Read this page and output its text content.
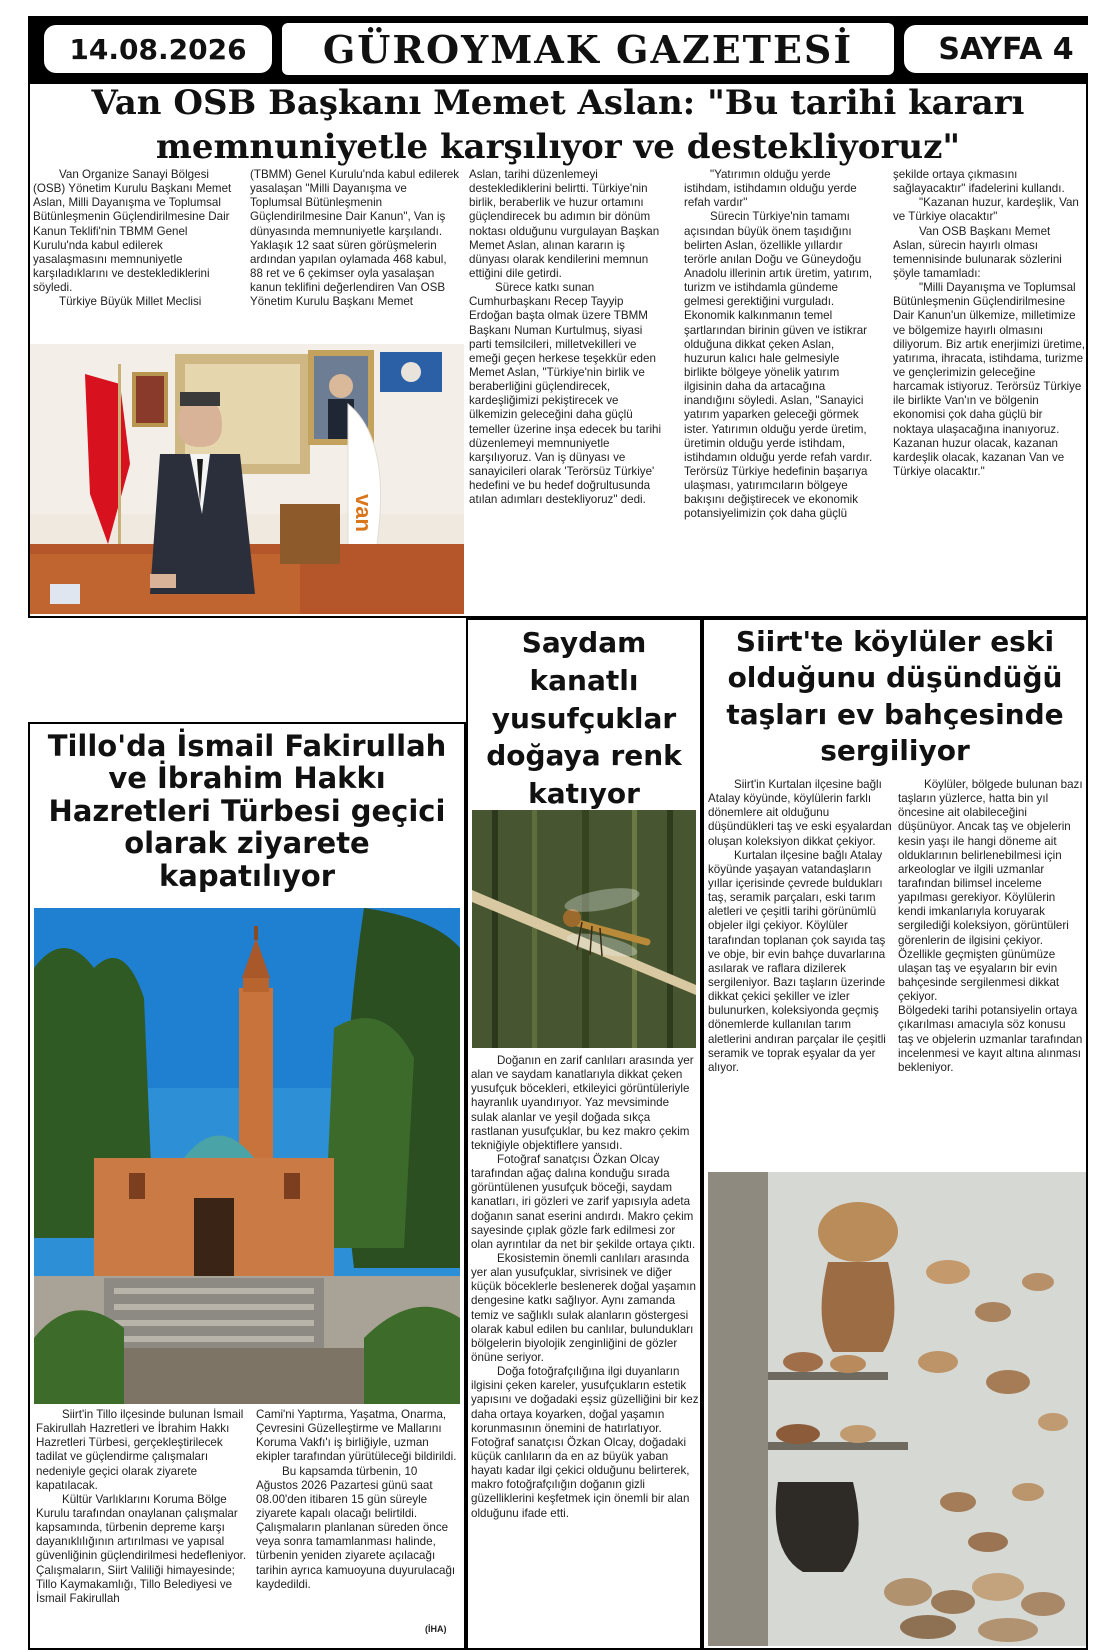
14.08.2026	GÜROYMAK GAZETESİ	SAYFA 4
Van OSB Başkanı Memet Aslan: "Bu tarihi kararı memnuniyetle karşılıyor ve destekliyoruz"

Van Organize Sanayi Bölgesi (OSB) Yönetim Kurulu Başkanı Memet Aslan, Milli Dayanışma ve Toplumsal Bütünleşmenin Güçlendirilmesine Dair Kanun Teklifi'nin TBMM Genel Kurulu'nda kabul edilerek yasalaşmasını memnuniyetle karşıladıklarını ve desteklediklerini söyledi.

Türkiye Büyük Millet Meclisi

(TBMM) Genel Kurulu'nda kabul edilerek yasalaşan "Milli Dayanışma ve Toplumsal Bütünleşmenin Güçlendirilmesine Dair Kanun", Van iş dünyasında memnuniyetle karşılandı. Yaklaşık 12 saat süren görüşmelerin ardından yapılan oylamada 468 kabul, 88 ret ve 6 çekimser oyla yasalaşan kanun teklifini değerlendiren Van OSB Yönetim Kurulu Başkanı Memet

van

Aslan, tarihi düzenlemeyi desteklediklerini belirtti. Türkiye'nin birlik, beraberlik ve huzur ortamını güçlendirecek bu adımın bir dönüm noktası olduğunu vurgulayan Başkan Memet Aslan, alınan kararın iş dünyası olarak kendilerini memnun ettiğini dile getirdi.

Sürece katkı sunan Cumhurbaşkanı Recep Tayyip Erdoğan başta olmak üzere TBMM Başkanı Numan Kurtulmuş, siyasi parti temsilcileri, milletvekilleri ve emeği geçen herkese teşekkür eden Memet Aslan, "Türkiye'nin birlik ve beraberliğini güçlendirecek, kardeşliğimizi pekiştirecek ve ülkemizin geleceğini daha güçlü temeller üzerine inşa edecek bu tarihi düzenlemeyi memnuniyetle karşılıyoruz. Van iş dünyası ve sanayicileri olarak 'Terörsüz Türkiye' hedefini ve bu hedef doğrultusunda atılan adımları destekliyoruz" dedi.

"Yatırımın olduğu yerde istihdam, istihdamın olduğu yerde refah vardır"

Sürecin Türkiye'nin tamamı açısından büyük önem taşıdığını belirten Aslan, özellikle yıllardır terörle anılan Doğu ve Güneydoğu Anadolu illerinin artık üretim, yatırım, turizm ve istihdamla gündeme gelmesi gerektiğini vurguladı. Ekonomik kalkınmanın temel şartlarından birinin güven ve istikrar olduğuna dikkat çeken Aslan, huzurun kalıcı hale gelmesiyle birlikte bölgeye yönelik yatırım ilgisinin daha da artacağına inandığını söyledi. Aslan, "Sanayici yatırım yaparken geleceği görmek ister. Yatırımın olduğu yerde üretim, üretimin olduğu yerde istihdam, istihdamın olduğu yerde refah vardır. Terörsüz Türkiye hedefinin başarıya ulaşması, yatırımcıların bölgeye bakışını değiştirecek ve ekonomik potansiyelimizin çok daha güçlü

şekilde ortaya çıkmasını sağlayacaktır" ifadelerini kullandı.

"Kazanan huzur, kardeşlik, Van ve Türkiye olacaktır"

Van OSB Başkanı Memet Aslan, sürecin hayırlı olması temennisinde bulunarak sözlerini şöyle tamamladı:

"Milli Dayanışma ve Toplumsal Bütünleşmenin Güçlendirilmesine Dair Kanun'un ülkemize, milletimize ve bölgemize hayırlı olmasını diliyorum. Biz artık enerjimizi üretime, yatırıma, ihracata, istihdama, turizme ve gençlerimizin geleceğine harcamak istiyoruz. Terörsüz Türkiye ile birlikte Van'ın ve bölgenin ekonomisi çok daha güçlü bir noktaya ulaşacağına inanıyoruz. Kazanan huzur olacak, kazanan kardeşlik olacak, kazanan Van ve Türkiye olacaktır."

Tillo'da İsmail Fakirullah ve İbrahim Hakkı Hazretleri Türbesi geçici olarak ziyarete kapatılıyor

Siirt'in Tillo ilçesinde bulunan İsmail Fakirullah Hazretleri ve İbrahim Hakkı Hazretleri Türbesi, gerçekleştirilecek tadilat ve güçlendirme çalışmaları nedeniyle geçici olarak ziyarete kapatılacak.

Kültür Varlıklarını Koruma Bölge Kurulu tarafından onaylanan çalışmalar kapsamında, türbenin depreme karşı dayanıklılığının artırılması ve yapısal güvenliğinin güçlendirilmesi hedefleniyor. Çalışmaların, Siirt Valiliği himayesinde; Tillo Kaymakamlığı, Tillo Belediyesi ve İsmail Fakirullah

Cami'ni Yaptırma, Yaşatma, Onarma, Çevresini Güzelleştirme ve Mallarını Koruma Vakfı'ı iş birliğiyle, uzman ekipler tarafından yürütüleceği bildirildi.

Bu kapsamda türbenin, 10 Ağustos 2026 Pazartesi günü saat 08.00'den itibaren 15 gün süreyle ziyarete kapalı olacağı belirtildi. Çalışmaların planlanan süreden önce veya sonra tamamlanması halinde, türbenin yeniden ziyarete açılacağı tarihin ayrıca kamuoyuna duyurulacağı kaydedildi.

(İHA)
Saydam kanatlı yusufçuklar doğaya renk katıyor

Doğanın en zarif canlıları arasında yer alan ve saydam kanatlarıyla dikkat çeken yusufçuk böcekleri, etkileyici görüntüleriyle hayranlık uyandırıyor. Yaz mevsiminde sulak alanlar ve yeşil doğada sıkça rastlanan yusufçuklar, bu kez makro çekim tekniğiyle objektiflere yansıdı.

Fotoğraf sanatçısı Özkan Olcay tarafından ağaç dalına konduğu sırada görüntülenen yusufçuk böceği, saydam kanatları, iri gözleri ve zarif yapısıyla adeta doğanın sanat eserini andırdı. Makro çekim sayesinde çıplak gözle fark edilmesi zor olan ayrıntılar da net bir şekilde ortaya çıktı.

Ekosistemin önemli canlıları arasında yer alan yusufçuklar, sivrisinek ve diğer küçük böceklerle beslenerek doğal yaşamın dengesine katkı sağlıyor. Aynı zamanda temiz ve sağlıklı sulak alanların göstergesi olarak kabul edilen bu canlılar, bulundukları bölgelerin biyolojik zenginliğini de gözler önüne seriyor.

Doğa fotoğrafçılığına ilgi duyanların ilgisini çeken kareler, yusufçukların estetik yapısını ve doğadaki eşsiz güzelliğini bir kez daha ortaya koyarken, doğal yaşamın korunmasının önemini de hatırlatıyor. Fotoğraf sanatçısı Özkan Olcay, doğadaki küçük canlıların da en az büyük yaban hayatı kadar ilgi çekici olduğunu belirterek, makro fotoğrafçılığın doğanın gizli güzelliklerini keşfetmek için önemli bir alan olduğunu ifade etti.

Siirt'te köylüler eski olduğunu düşündüğü taşları ev bahçesinde sergiliyor

Siirt'in Kurtalan ilçesine bağlı Atalay köyünde, köylülerin farklı dönemlere ait olduğunu düşündükleri taş ve eski eşyalardan oluşan koleksiyon dikkat çekiyor.

Kurtalan ilçesine bağlı Atalay köyünde yaşayan vatandaşların yıllar içerisinde çevrede buldukları taş, seramik parçaları, eski tarım aletleri ve çeşitli tarihi görünümlü objeler ilgi çekiyor. Köylüler tarafından toplanan çok sayıda taş ve obje, bir evin bahçe duvarlarına asılarak ve raflara dizilerek sergileniyor. Bazı taşların üzerinde dikkat çekici şekiller ve izler bulunurken, koleksiyonda geçmiş dönemlerde kullanılan tarım aletlerini andıran parçalar ile çeşitli seramik ve toprak eşyalar da yer alıyor.

Köylüler, bölgede bulunan bazı taşların yüzlerce, hatta bin yıl öncesine ait olabileceğini düşünüyor. Ancak taş ve objelerin kesin yaşı ile hangi döneme ait olduklarının belirlenebilmesi için arkeologlar ve ilgili uzmanlar tarafından bilimsel inceleme yapılması gerekiyor. Köylülerin kendi imkanlarıyla koruyarak sergilediği koleksiyon, görüntüleri görenlerin de ilgisini çekiyor. Özellikle geçmişten günümüze ulaşan taş ve eşyaların bir evin bahçesinde sergilenmesi dikkat çekiyor.

Bölgedeki tarihi potansiyelin ortaya çıkarılması amacıyla söz konusu taş ve objelerin uzmanlar tarafından incelenmesi ve kayıt altına alınması bekleniyor.
